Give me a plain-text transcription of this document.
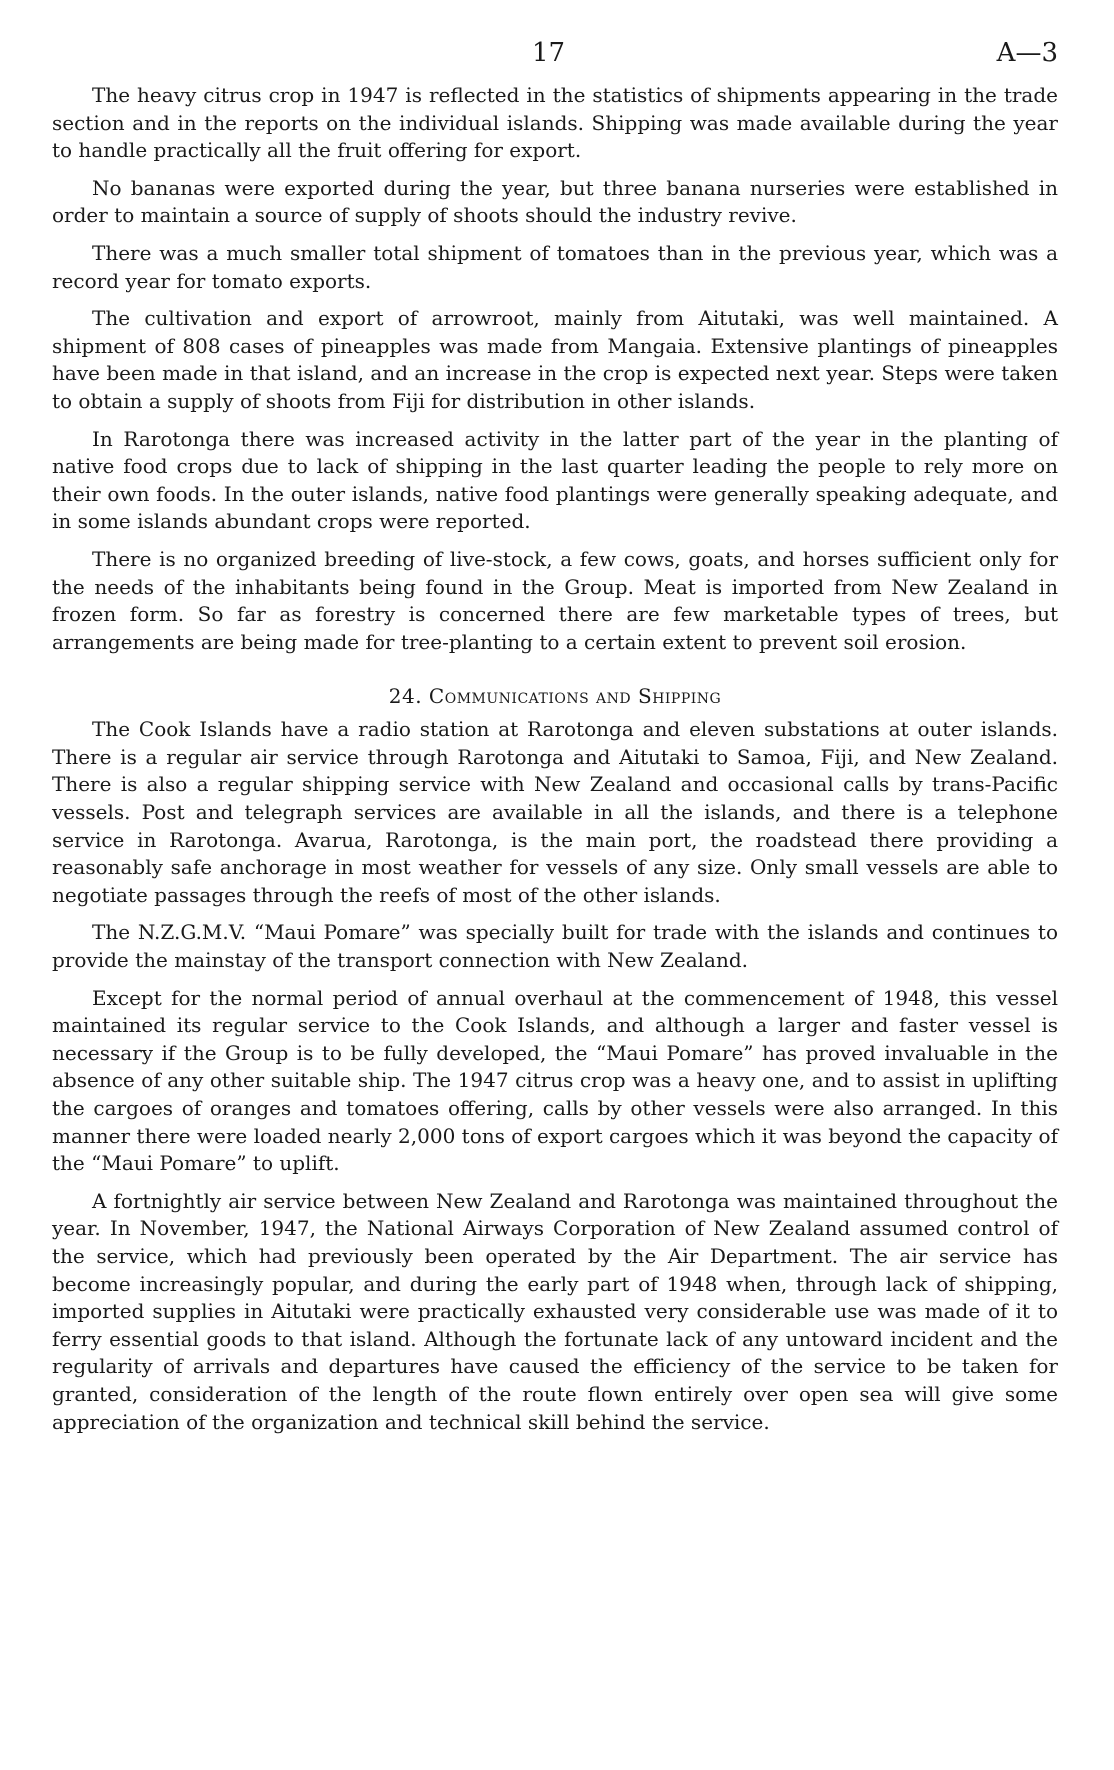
17	A—3

The heavy citrus crop in 1947 is reflected in the statistics of shipments appearing in the trade section and in the reports on the individual islands. Shipping was made available during the year to handle practically all the fruit offering for export.

No bananas were exported during the year, but three banana nurseries were established in order to maintain a source of supply of shoots should the industry revive.

There was a much smaller total shipment of tomatoes than in the previous year, which was a record year for tomato exports.

The cultivation and export of arrowroot, mainly from Aitutaki, was well maintained. A shipment of 808 cases of pineapples was made from Mangaia. Extensive plantings of pineapples have been made in that island, and an increase in the crop is expected next year. Steps were taken to obtain a supply of shoots from Fiji for distribution in other islands.

In Rarotonga there was increased activity in the latter part of the year in the planting of native food crops due to lack of shipping in the last quarter leading the people to rely more on their own foods. In the outer islands, native food plantings were generally speaking adequate, and in some islands abundant crops were reported.

There is no organized breeding of live-stock, a few cows, goats, and horses sufficient only for the needs of the inhabitants being found in the Group. Meat is imported from New Zealand in frozen form. So far as forestry is concerned there are few marketable types of trees, but arrangements are being made for tree-planting to a certain extent to prevent soil erosion.

24. Communications and Shipping

The Cook Islands have a radio station at Rarotonga and eleven substations at outer islands. There is a regular air service through Rarotonga and Aitutaki to Samoa, Fiji, and New Zealand. There is also a regular shipping service with New Zealand and occasional calls by trans-Pacific vessels. Post and telegraph services are available in all the islands, and there is a telephone service in Rarotonga. Avarua, Rarotonga, is the main port, the roadstead there providing a reasonably safe anchorage in most weather for vessels of any size. Only small vessels are able to negotiate passages through the reefs of most of the other islands.

The N.Z.G.M.V. “Maui Pomare” was specially built for trade with the islands and continues to provide the mainstay of the transport connection with New Zealand.

Except for the normal period of annual overhaul at the commencement of 1948, this vessel maintained its regular service to the Cook Islands, and although a larger and faster vessel is necessary if the Group is to be fully developed, the “Maui Pomare” has proved invaluable in the absence of any other suitable ship. The 1947 citrus crop was a heavy one, and to assist in uplifting the cargoes of oranges and tomatoes offering, calls by other vessels were also arranged. In this manner there were loaded nearly 2,000 tons of export cargoes which it was beyond the capacity of the “Maui Pomare” to uplift.

A fortnightly air service between New Zealand and Rarotonga was maintained throughout the year. In November, 1947, the National Airways Corporation of New Zealand assumed control of the service, which had previously been operated by the Air Department. The air service has become increasingly popular, and during the early part of 1948 when, through lack of shipping, imported supplies in Aitutaki were practically exhausted very considerable use was made of it to ferry essential goods to that island. Although the fortunate lack of any untoward incident and the regularity of arrivals and departures have caused the efficiency of the service to be taken for granted, consideration of the length of the route flown entirely over open sea will give some appreciation of the organization and technical skill behind the service.
